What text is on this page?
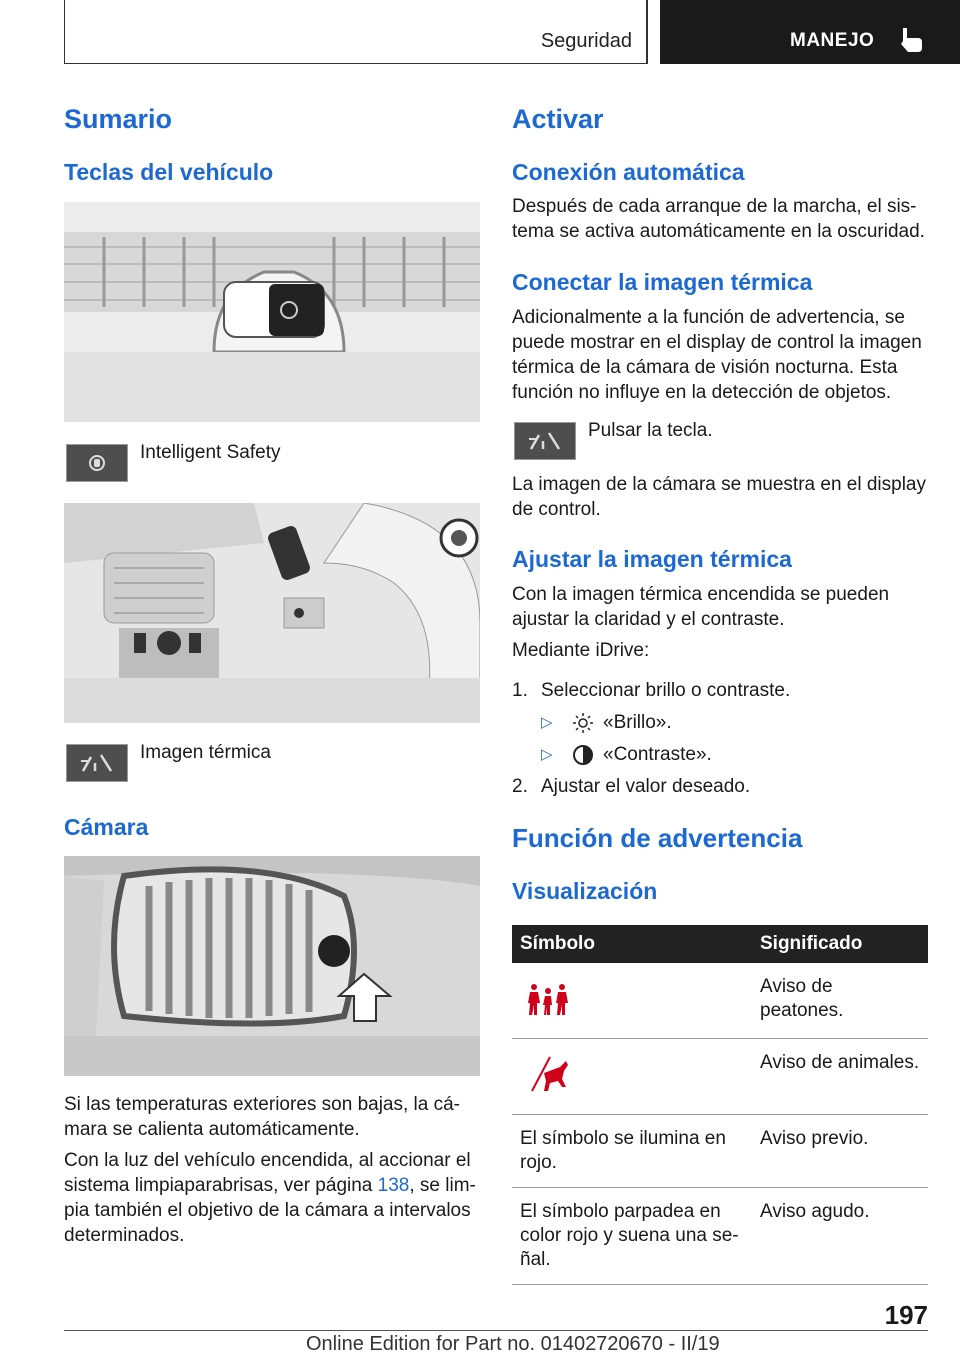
Seguridad	MANEJO
Sumario
Teclas del vehículo
Intelligent Safety
Imagen térmica
Cámara
Si las temperaturas exteriores son bajas, la cá-mara se calienta automáticamente.
Con la luz del vehículo encendida, al accionar el sistema limpiaparabrisas, ver página 138, se lim-pia también el objetivo de la cámara a intervalos determinados.
Activar
Conexión automática
Después de cada arranque de la marcha, el sis-tema se activa automáticamente en la oscuridad.
Conectar la imagen térmica
Adicionalmente a la función de advertencia, se puede mostrar en el display de control la imagen térmica de la cámara de visión nocturna. Esta función no influye en la detección de objetos.
Pulsar la tecla.
La imagen de la cámara se muestra en el display de control.
Ajustar la imagen térmica
Con la imagen térmica encendida se pueden ajustar la claridad y el contraste.
Mediante iDrive:
1. Seleccionar brillo o contraste.
▷	«Brillo».
▷	«Contraste».
2. Ajustar el valor deseado.
Función de advertencia
Visualización
Símbolo	Significado
	Aviso de peatones.
	Aviso de animales.
El símbolo se ilumina en rojo.	Aviso previo.
El símbolo parpadea en color rojo y suena una se-ñal.	Aviso agudo.
197
Online Edition for Part no. 01402720670 - II/19
